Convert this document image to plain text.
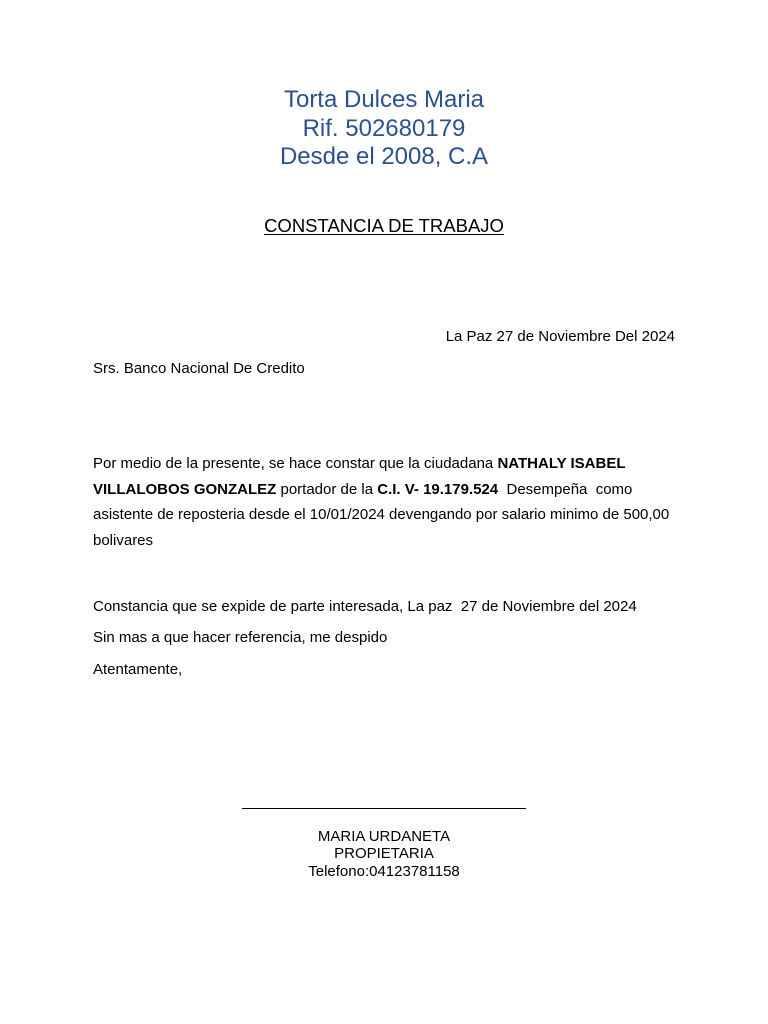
Torta Dulces Maria
Rif. 502680179
Desde el 2008, C.A
CONSTANCIA DE TRABAJO
La Paz 27 de Noviembre Del 2024
Srs. Banco Nacional De Credito
Por medio de la presente, se hace constar que la ciudadana NATHALY ISABEL VILLALOBOS GONZALEZ portador de la C.I. V- 19.179.524  Desempeña  como asistente de reposteria desde el 10/01/2024 devengando por salario minimo de 500,00 bolivares
Constancia que se expide de parte interesada, La paz  27 de Noviembre del 2024
Sin mas a que hacer referencia, me despido
Atentamente,
MARIA URDANETA
PROPIETARIA
Telefono:04123781158
